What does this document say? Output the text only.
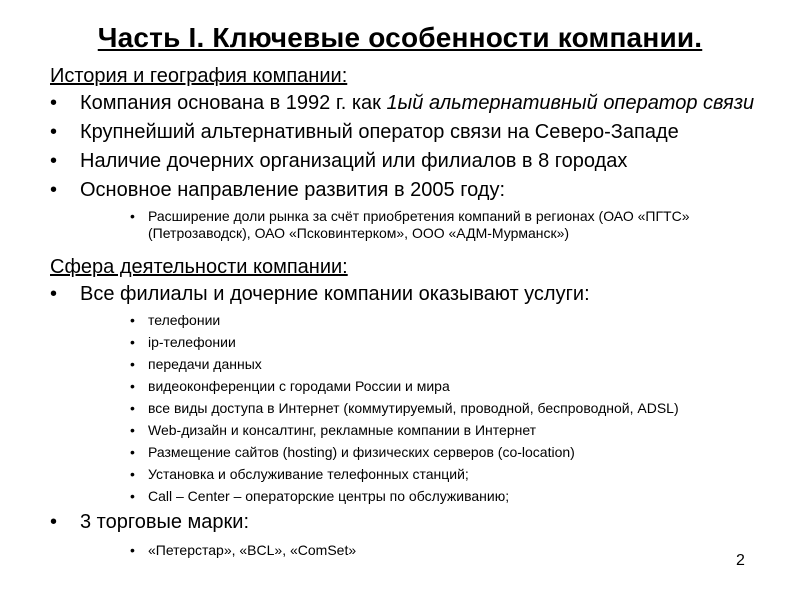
Часть I. Ключевые особенности компании.
История и география компании:
• Компания основана в 1992 г. как 1ый альтернативный оператор связи
• Крупнейший альтернативный оператор связи на Северо-Западе
• Наличие дочерних организаций или филиалов в 8 городах
• Основное направление развития в 2005 году:
• Расширение доли рынка за счёт приобретения компаний в регионах (ОАО «ПГТС» (Петрозаводск), ОАО «Псковинтерком», ООО «АДМ-Мурманск»)
Сфера деятельности компании:
• Все филиалы и дочерние компании оказывают услуги:
• телефонии
• ip-телефонии
• передачи данных
• видеоконференции с городами России и мира
• все виды доступа в Интернет (коммутируемый, проводной, беспроводной, ADSL)
• Web-дизайн и консалтинг, рекламные компании в Интернет
• Размещение сайтов (hosting) и физических серверов (co-location)
• Установка и обслуживание телефонных станций;
• Call – Center – операторские центры по обслуживанию;
• 3 торговые марки:
• «Петерстар», «BCL», «ComSet»
2
